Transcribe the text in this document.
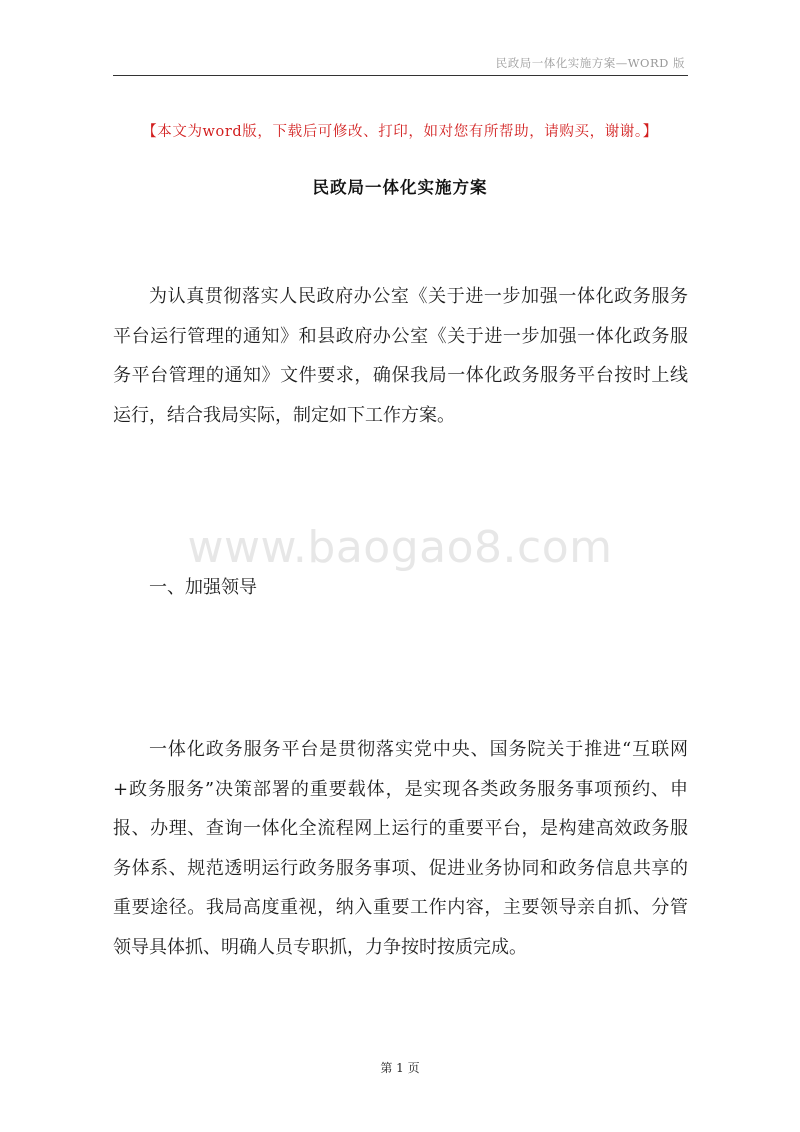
民政局一体化实施方案—WORD 版
【本文为word版，下载后可修改、打印，如对您有所帮助，请购买，谢谢。】
民政局一体化实施方案

为认真贯彻落实人民政府办公室《关于进一步加强一体化政务服务平台运行管理的通知》和县政府办公室《关于进一步加强一体化政务服务平台管理的通知》文件要求，确保我局一体化政务服务平台按时上线运行，结合我局实际，制定如下工作方案。

www.baogao8.com
一、加强领导

一体化政务服务平台是贯彻落实党中央、国务院关于推进“互联网+政务服务”决策部署的重要载体，是实现各类政务服务事项预约、申报、办理、查询一体化全流程网上运行的重要平台，是构建高效政务服务体系、规范透明运行政务服务事项、促进业务协同和政务信息共享的重要途径。我局高度重视，纳入重要工作内容，主要领导亲自抓、分管领导具体抓、明确人员专职抓，力争按时按质完成。

第 1 页
